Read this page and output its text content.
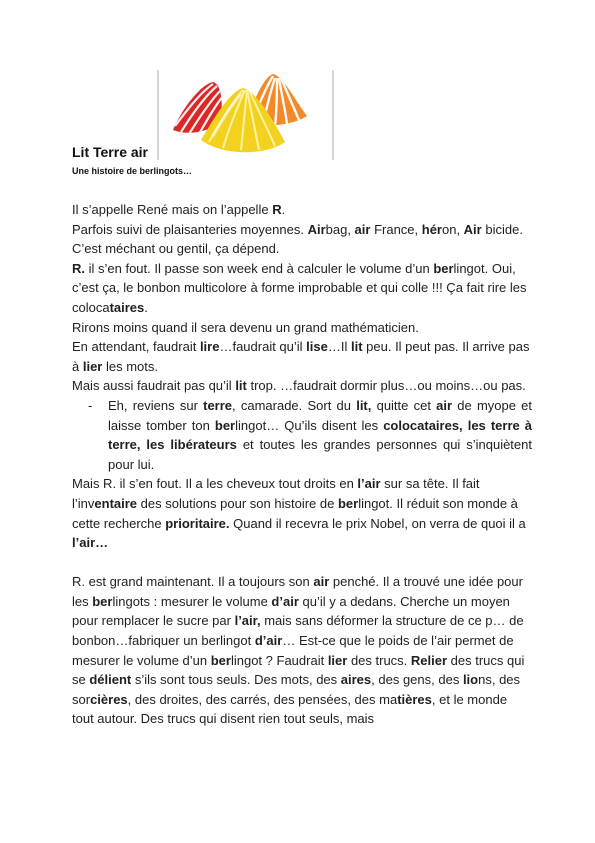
Lit Terre air

Une histoire de berlingots…

Il s’appelle René mais on l’appelle R.

Parfois suivi de plaisanteries moyennes. Airbag, air France, héron, Air bicide. C’est méchant ou gentil, ça dépend.

R. il s’en fout. Il passe son week end à calculer le volume d’un berlingot. Oui, c’est ça, le bonbon multicolore à forme improbable et qui colle !!! Ça fait rire les colocataires.

Rirons moins quand il sera devenu un grand mathématicien.

En attendant, faudrait lire…faudrait qu’il lise…Il lit peu. Il peut pas. Il arrive pas à lier les mots.

Mais aussi faudrait pas qu’il lit trop. …faudrait dormir plus…ou moins…ou pas.

- Eh, reviens sur terre, camarade. Sort du lit, quitte cet air de myope et laisse tomber ton berlingot… Qu’ils disent les colocataires, les terre à terre, les libérateurs et toutes les grandes personnes qui s’inquiètent pour lui.

Mais R. il s’en fout. Il a les cheveux tout droits en l’air sur sa tête. Il fait l’inventaire des solutions pour son histoire de berlingot. Il réduit son monde à cette recherche prioritaire. Quand il recevra le prix Nobel, on verra de quoi il a l’air…

R. est grand maintenant. Il a toujours son air penché. Il a trouvé une idée pour les berlingots : mesurer le volume d’air qu’il y a dedans. Cherche un moyen pour remplacer le sucre par l’air, mais sans déformer la structure de ce p… de bonbon…fabriquer un berlingot d’air… Est-ce que le poids de l’air permet de mesurer le volume d’un berlingot ? Faudrait lier des trucs. Relier des trucs qui se délient s’ils sont tous seuls. Des mots, des aires, des gens, des lions, des sorcières, des droites, des carrés, des pensées, des matières, et le monde tout autour. Des trucs qui disent rien tout seuls, mais
